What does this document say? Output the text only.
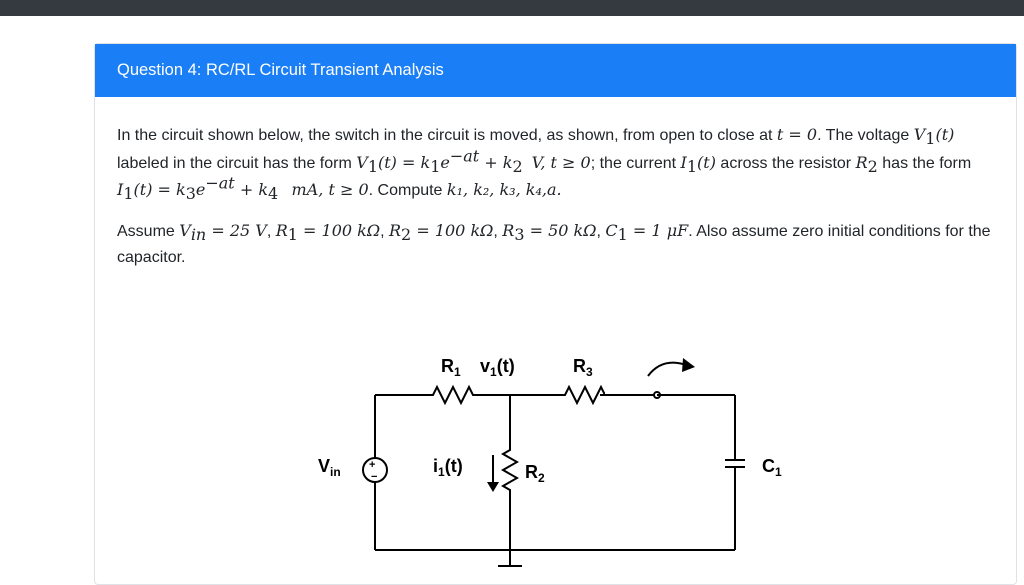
Question 4: RC/RL Circuit Transient Analysis

In the circuit shown below, the switch in the circuit is moved, as shown, from open to close at t = 0. The voltage $V_1(t)$ labeled in the circuit has the form $V_1(t) = k_1e^{-at} + k_2$ V, t ≥ 0; the current $I_1(t)$ across the resistor $R_2$ has the form $I_1(t) = k_3e^{-at} + k_4$ mA, t ≥ 0. Compute k₁, k₂, k₃, k₄,a.

Assume $V_{in} = 25$ V, $R_1 = 100$ kΩ, $R_2 = 100$ kΩ, $R_3 = 50$ kΩ, $C_1 = 1$ μF. Also assume zero initial conditions for the capacitor.

+
−
$R_1$ $v_1(t)$	$R_3$
$V_{in}$	$i_1(t)$	$R_2$
$C_1$
